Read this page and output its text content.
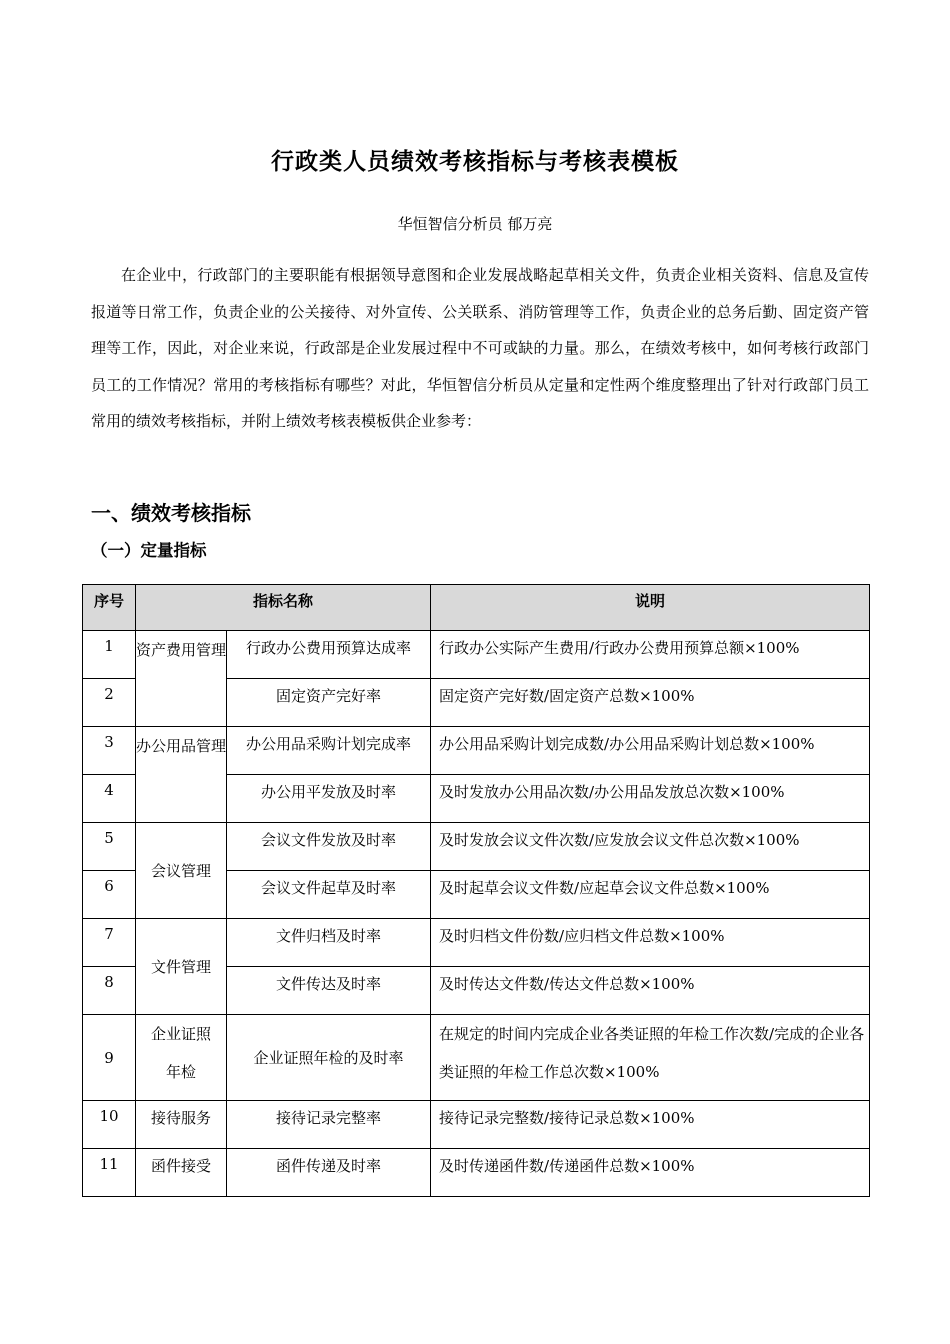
行政类人员绩效考核指标与考核表模板
华恒智信分析员 郁万亮

在企业中，行政部门的主要职能有根据领导意图和企业发展战略起草相关文件，负责企业相关资料、信息及宣传报道等日常工作，负责企业的公关接待、对外宣传、公关联系、消防管理等工作，负责企业的总务后勤、固定资产管理等工作，因此，对企业来说，行政部是企业发展过程中不可或缺的力量。那么，在绩效考核中，如何考核行政部门员工的工作情况？常用的考核指标有哪些？对此，华恒智信分析员从定量和定性两个维度整理出了针对行政部门员工常用的绩效考核指标，并附上绩效考核表模板供企业参考：

一、绩效考核指标
（一）定量指标
序号	指标名称		说明
1	资产费用管理	行政办公费用预算达成率	行政办公实际产生费用/行政办公费用预算总额×100%
2		固定资产完好率	固定资产完好数/固定资产总数×100%
3	办公用品管理	办公用品采购计划完成率	办公用品采购计划完成数/办公用品采购计划总数×100%
4		办公用平发放及时率	及时发放办公用品次数/办公用品发放总次数×100%
5	会议管理	会议文件发放及时率	及时发放会议文件次数/应发放会议文件总次数×100%
6		会议文件起草及时率	及时起草会议文件数/应起草会议文件总数×100%
7	文件管理	文件归档及时率	及时归档文件份数/应归档文件总数×100%
8		文件传达及时率	及时传达文件数/传达文件总数×100%
9	企业证照年检	企业证照年检的及时率	在规定的时间内完成企业各类证照的年检工作次数/完成的企业各类证照的年检工作总次数×100%
10	接待服务	接待记录完整率	接待记录完整数/接待记录总数×100%
11	函件接受	函件传递及时率	及时传递函件数/传递函件总数×100%
